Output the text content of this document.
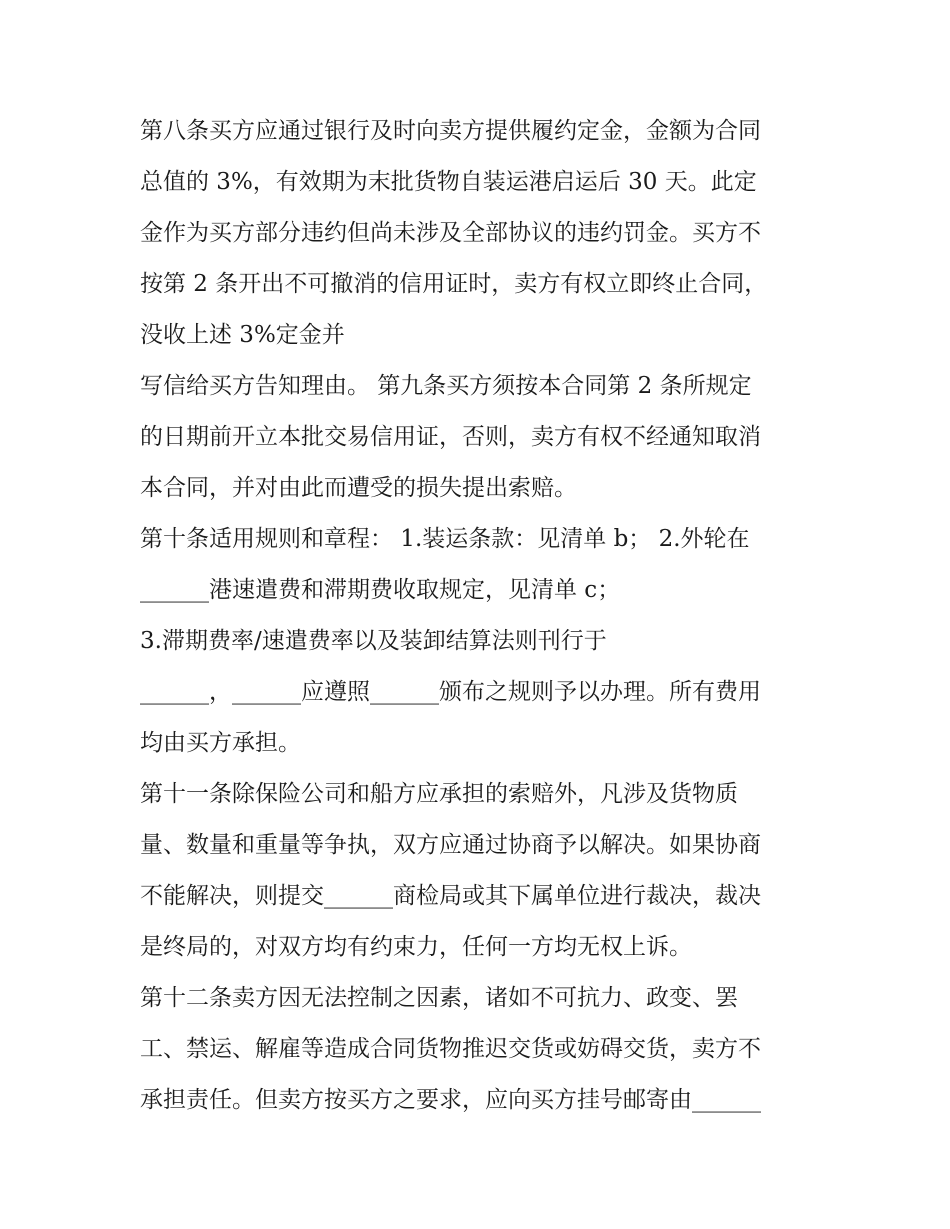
第八条买方应通过银行及时向卖方提供履约定金，金额为合同
总值的 3%，有效期为末批货物自装运港启运后 30 天。此定
金作为买方部分违约但尚未涉及全部协议的违约罚金。买方不
按第 2 条开出不可撤消的信用证时，卖方有权立即终止合同，
没收上述 3%定金并
写信给买方告知理由。 第九条买方须按本合同第 2 条所规定
的日期前开立本批交易信用证，否则，卖方有权不经通知取消
本合同，并对由此而遭受的损失提出索赔。
第十条适用规则和章程： 1.装运条款：见清单 b； 2.外轮在
______港速遣费和滞期费收取规定，见清单 c；
3.滞期费率/速遣费率以及装卸结算法则刊行于
______，______应遵照______颁布之规则予以办理。所有费用
均由买方承担。
第十一条除保险公司和船方应承担的索赔外，凡涉及货物质
量、数量和重量等争执，双方应通过协商予以解决。如果协商
不能解决，则提交______商检局或其下属单位进行裁决，裁决
是终局的，对双方均有约束力，任何一方均无权上诉。
第十二条卖方因无法控制之因素，诸如不可抗力、政变、罢
工、禁运、解雇等造成合同货物推迟交货或妨碍交货，卖方不
承担责任。但卖方按买方之要求，应向买方挂号邮寄由______
